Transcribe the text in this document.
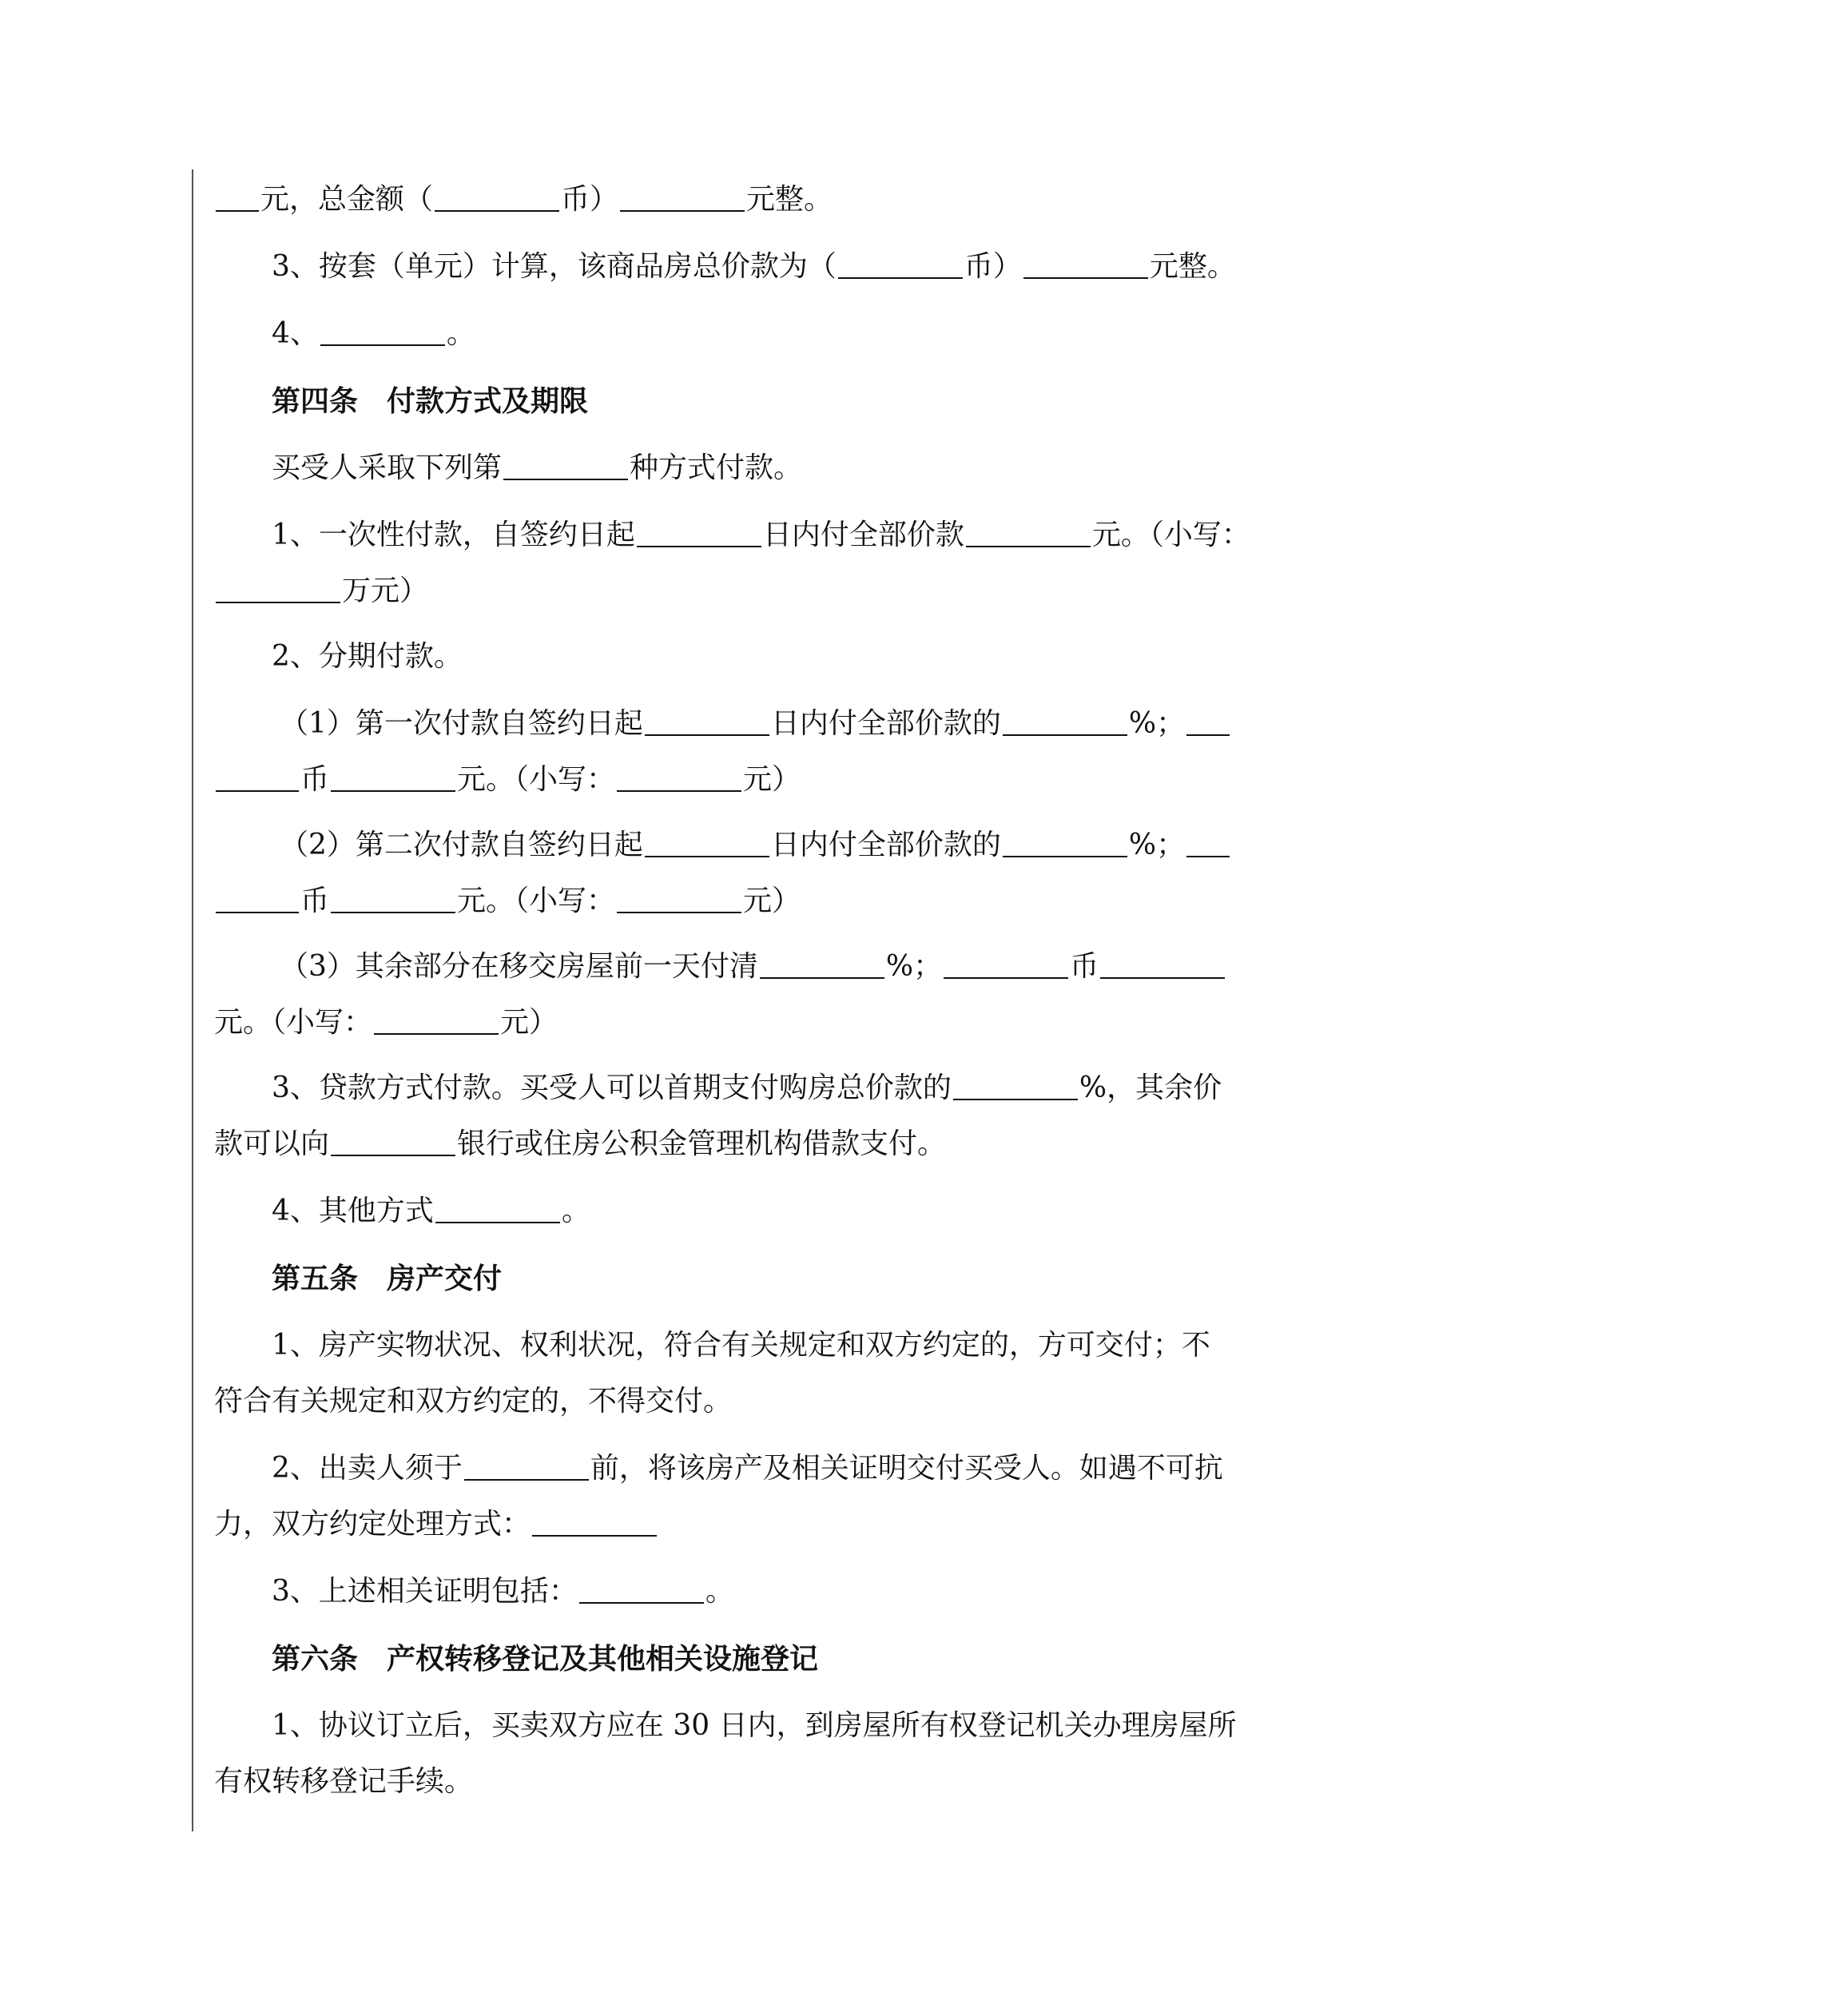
元，总金额（	币）	元整。
3、按套（单元）计算，该商品房总价款为（	币）	元整。
4、	。
第四条 付款方式及期限
买受人采取下列第	种方式付款。
1、一次性付款，自签约日起	日内付全部价款	元。（小写：
万元）
2、分期付款。
（1）第一次付款自签约日起	日内付全部价款的	%；
币	元。（小写：	元）
（2）第二次付款自签约日起	日内付全部价款的	%；
币	元。（小写：	元）
（3）其余部分在移交房屋前一天付清	%；	币
元。（小写：	元）
3、贷款方式付款。买受人可以首期支付购房总价款的	%，其余价
款可以向	银行或住房公积金管理机构借款支付。
4、其他方式	。
第五条 房产交付
1、房产实物状况、权利状况，符合有关规定和双方约定的，方可交付；不
符合有关规定和双方约定的，不得交付。
2、出卖人须于	前，将该房产及相关证明交付买受人。如遇不可抗
力，双方约定处理方式：
3、上述相关证明包括：	。
第六条 产权转移登记及其他相关设施登记
1、协议订立后，买卖双方应在 30 日内，到房屋所有权登记机关办理房屋所
有权转移登记手续。
